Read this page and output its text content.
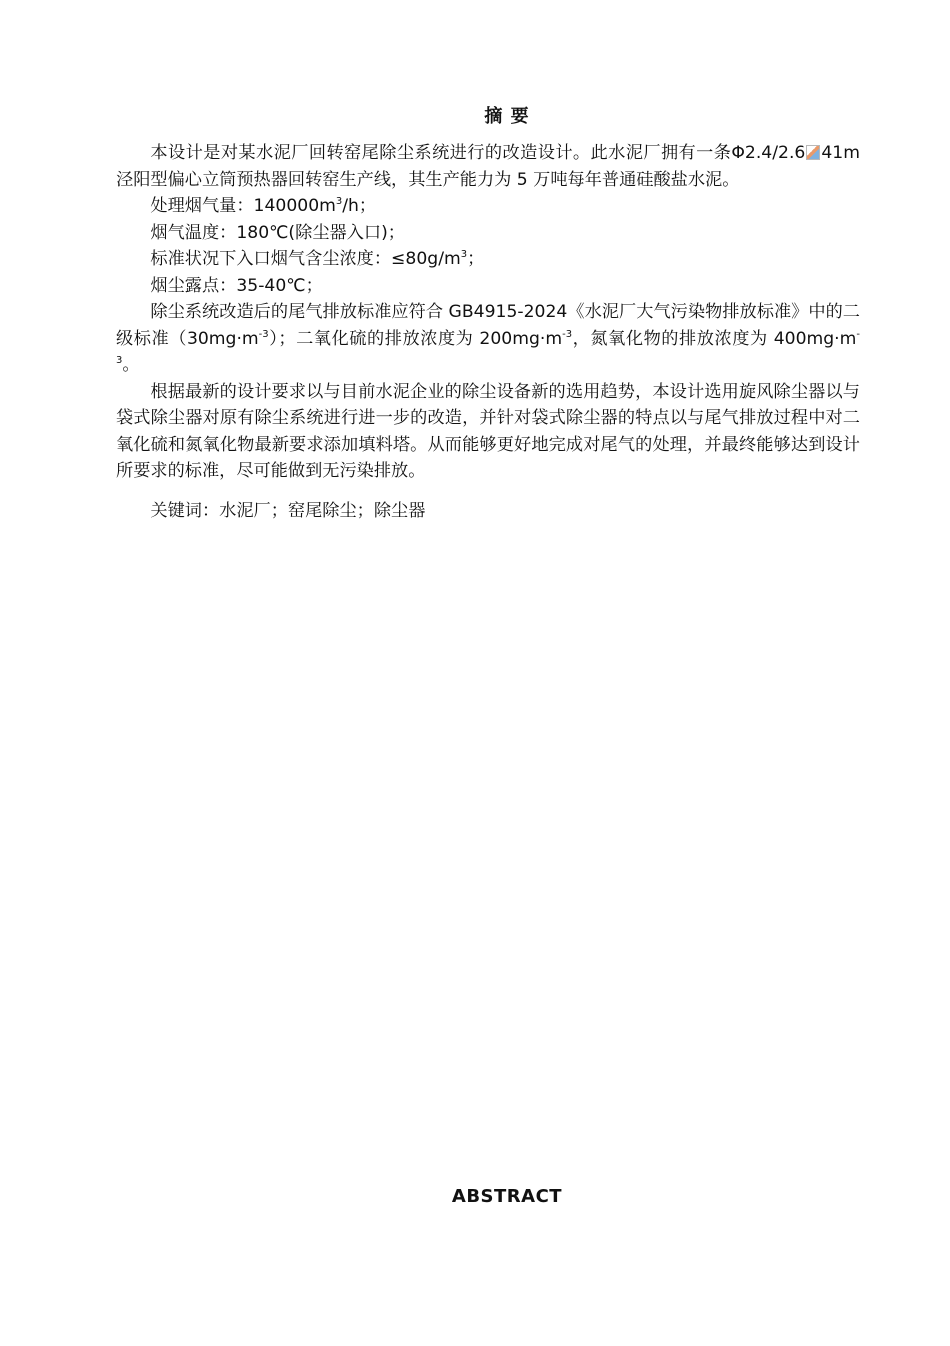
摘 要

本设计是对某水泥厂回转窑尾除尘系统进行的改造设计。此水泥厂拥有一条Φ2.4/2.6 41m 泾阳型偏心立筒预热器回转窑生产线，其生产能力为 5 万吨每年普通硅酸盐水泥。

处理烟气量：$140000m^3/h$；

烟气温度：180℃(除尘器入口)；

标准状况下入口烟气含尘浓度：$\le 80g/m^3$；

烟尘露点：35-40℃；

除尘系统改造后的尾气排放标准应符合 GB4915-2024《水泥厂大气污染物排放标准》中的二级标准$(30mg\cdot m^{-3})$；二氧化硫的排放浓度为 $200mg\cdot m^{-3}$，氮氧化物的排放浓度为 $400mg\cdot m^{-3}$。

根据最新的设计要求以与目前水泥企业的除尘设备新的选用趋势，本设计选用旋风除尘器以与袋式除尘器对原有除尘系统进行进一步的改造，并针对袋式除尘器的特点以与尾气排放过程中对二氧化硫和氮氧化物最新要求添加填料塔。从而能够更好地完成对尾气的处理，并最终能够达到设计所要求的标准，尽可能做到无污染排放。

关键词：水泥厂；窑尾除尘；除尘器

ABSTRACT
